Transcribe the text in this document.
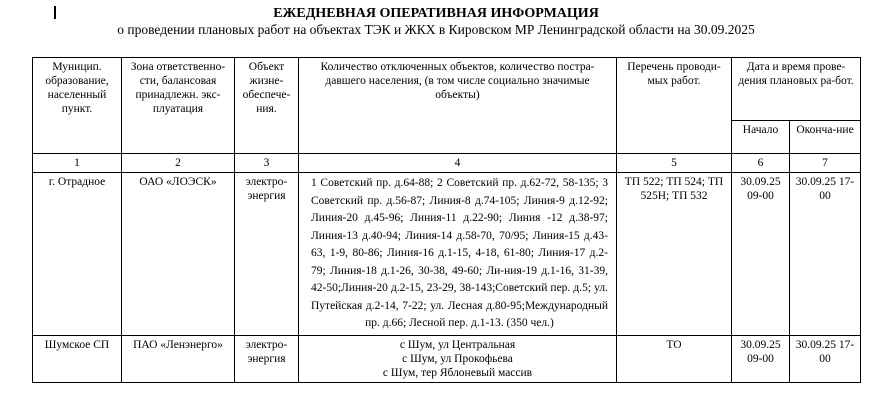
ЕЖЕДНЕВНАЯ ОПЕРАТИВНАЯ ИНФОРМАЦИЯ
о проведении плановых работ на объектах ТЭК и ЖКХ в Кировском МР Ленинградской области на 30.09.2025
Муницип. образование, населенный пункт.	Зона ответственно-сти, балансовая принадлежн. экс-плуатация	Объект жизне-обеспече-ния.	Количество отключенных объектов, количество постра-давшего населения, (в том числе социально значимые объекты)	Перечень проводи-мых работ.	Дата и время прове-дения плановых ра-бот.	
					Начало	Оконча-ние
1	2	3	4	5	6	7
г. Отрадное	ОАО «ЛОЭСК»	электро-энергия	1 Советский пр. д.64-88; 2 Советский пр. д.62-72, 58-135; 3 Советский пр. д.56-87; Линия-8 д.74-105; Линия-9 д.12-92; Линия-20 д.45-96; Линия-11 д.22-90; Линия -12 д.38-97; Линия-13 д.40-94; Линия-14 д.58-70, 70/95; Линия-15 д.43-63, 1-9, 80-86; Линия-16 д.1-15, 4-18, 61-80; Линия-17 д.2-79; Линия-18 д.1-26, 30-38, 49-60; Ли-ния-19 д.1-16, 31-39, 42-50;Линия-20 д.2-15, 23-29, 38-143;Советский пер. д.5; ул. Путейская д.2-14, 7-22; ул. Лесная д.80-95;Международный пр. д.66; Лесной пер. д.1-13. (350 чел.)	ТП 522; ТП 524; ТП 525Н; ТП 532	30.09.25 09-00	30.09.25 17-00
Шумское СП	ПАО «Ленэнерго»	электро-энергия	с Шум, ул Центральная
с Шум, ул Прокофьева
с Шум, тер Яблоневый массив	ТО	30.09.25 09-00	30.09.25 17-00
